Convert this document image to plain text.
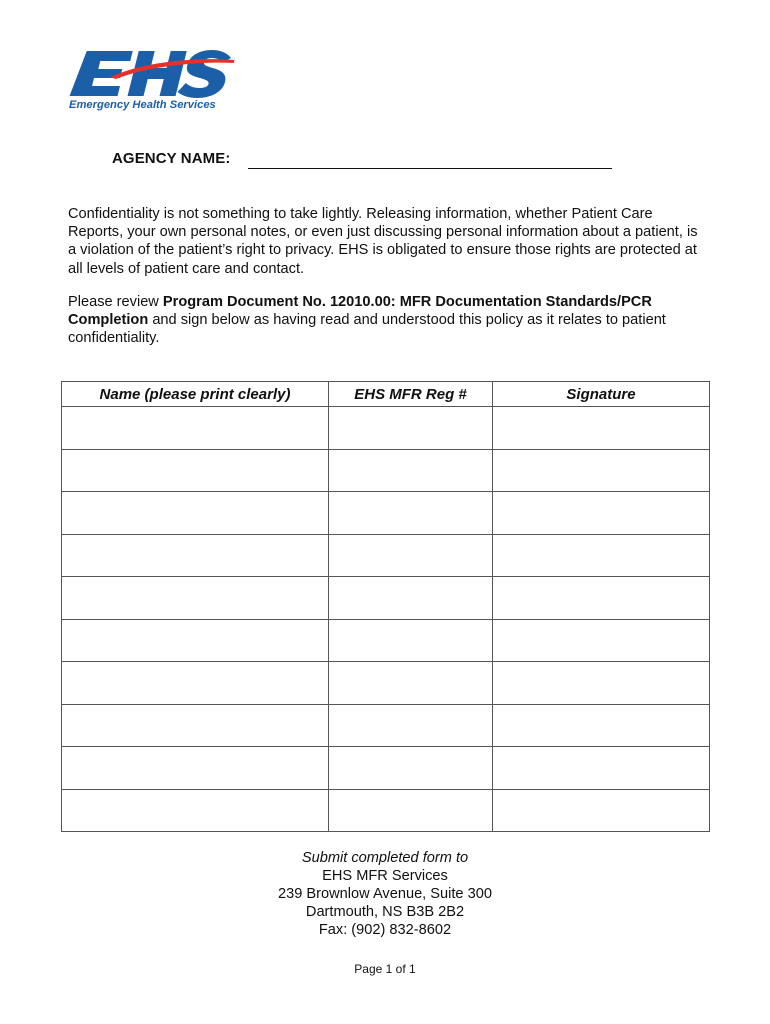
Emergency Health Services
AGENCY NAME:

Confidentiality is not something to take lightly. Releasing information, whether Patient Care Reports, your own personal notes, or even just discussing personal information about a patient, is a violation of the patient’s right to privacy. EHS is obligated to ensure those rights are protected at all levels of patient care and contact.

Please review Program Document No. 12010.00: MFR Documentation Standards/PCR Completion and sign below as having read and understood this policy as it relates to patient confidentiality.

Name (please print clearly)	EHS MFR Reg #	Signature

Submit completed form to
EHS MFR Services
239 Brownlow Avenue, Suite 300
Dartmouth, NS B3B 2B2
Fax: (902) 832-8602
Page 1 of 1
